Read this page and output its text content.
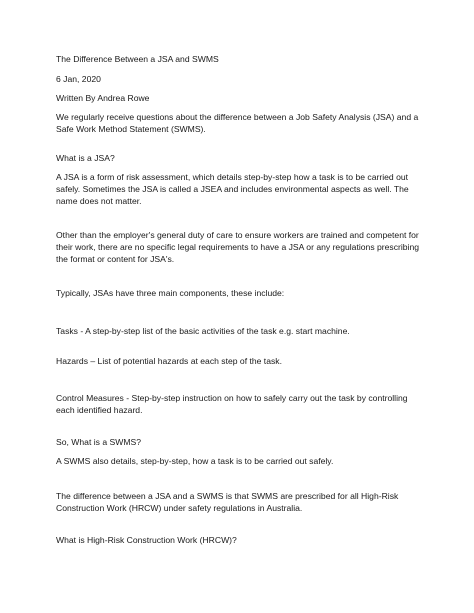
The Difference Between a JSA and SWMS

6 Jan, 2020

Written By Andrea Rowe

We regularly receive questions about the difference between a Job Safety Analysis (JSA) and a Safe Work Method Statement (SWMS).

What is a JSA?

A JSA is a form of risk assessment, which details step-by-step how a task is to be carried out safely. Sometimes the JSA is called a JSEA and includes environmental aspects as well. The name does not matter.

Other than the employer's general duty of care to ensure workers are trained and competent for their work, there are no specific legal requirements to have a JSA or any regulations prescribing the format or content for JSA's.

Typically, JSAs have three main components, these include:

Tasks - A step-by-step list of the basic activities of the task e.g. start machine.

Hazards – List of potential hazards at each step of the task.

Control Measures - Step-by-step instruction on how to safely carry out the task by controlling each identified hazard.

So, What is a SWMS?

A SWMS also details, step-by-step, how a task is to be carried out safely.

The difference between a JSA and a SWMS is that SWMS are prescribed for all High-Risk Construction Work (HRCW) under safety regulations in Australia.

What is High-Risk Construction Work (HRCW)?
